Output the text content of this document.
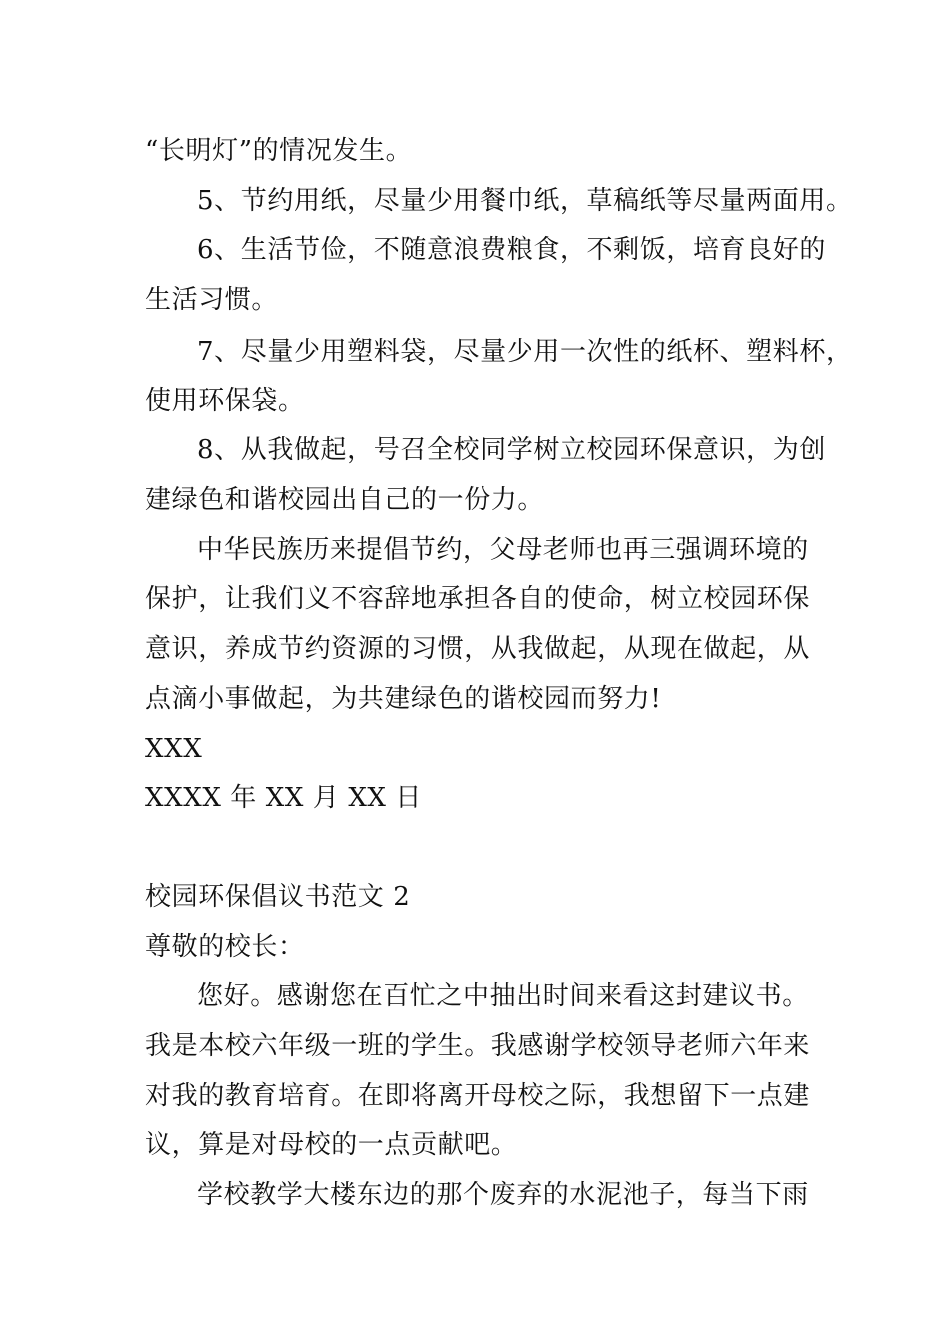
“长明灯”的情况发生。
5、节约用纸，尽量少用餐巾纸，草稿纸等尽量两面用。
6、生活节俭，不随意浪费粮食，不剩饭，培育良好的
生活习惯。
7、尽量少用塑料袋，尽量少用一次性的纸杯、塑料杯，
使用环保袋。
8、从我做起，号召全校同学树立校园环保意识，为创
建绿色和谐校园出自己的一份力。
中华民族历来提倡节约，父母老师也再三强调环境的
保护，让我们义不容辞地承担各自的使命，树立校园环保
意识，养成节约资源的习惯，从我做起，从现在做起，从
点滴小事做起，为共建绿色的谐校园而努力!
XXX
XXXX 年 XX 月 XX 日
校园环保倡议书范文 2
尊敬的校长：
您好。感谢您在百忙之中抽出时间来看这封建议书。
我是本校六年级一班的学生。我感谢学校领导老师六年来
对我的教育培育。在即将离开母校之际，我想留下一点建
议，算是对母校的一点贡献吧。
学校教学大楼东边的那个废弃的水泥池子，每当下雨
